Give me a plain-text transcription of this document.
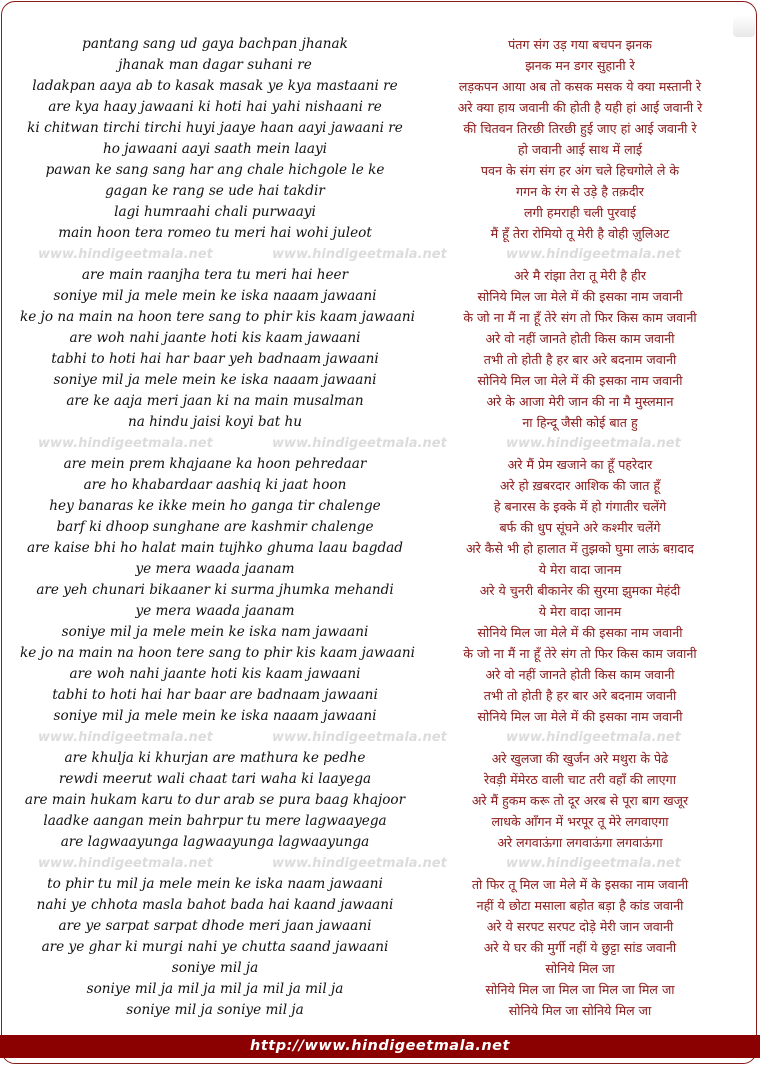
pantang sang ud gaya bachpan jhanak	पंतग संग उड़ गया बचपन झनक
jhanak man dagar suhani re	झनक मन डगर सुहानी रे
ladakpan aaya ab to kasak masak ye kya mastaani re	लड़कपन आया अब तो कसक मसक ये क्या मस्तानी रे
are kya haay jawaani ki hoti hai yahi nishaani re	अरे क्या हाय जवानी की होती है यही हां आई जवानी रे
ki chitwan tirchi tirchi huyi jaaye haan aayi jawaani re	की चितवन तिरछी तिरछी हुई जाए हां आई जवानी रे
ho jawaani aayi saath mein laayi	हो जवानी आई साथ में लाई
pawan ke sang sang har ang chale hichgole le ke	पवन के संग संग हर अंग चले हिचगोले ले के
gagan ke rang se ude hai takdir	गगन के रंग से उड़े है तक़दीर
lagi humraahi chali purwaayi	लगी हमराही चली पुरवाई
main hoon tera romeo tu meri hai wohi juleot	मैं हूँ तेरा रोमियो तू मेरी है वोही ज़ुलिअट
www.hindigeetmala.net	www.hindigeetmala.net	www.hindigeetmala.net
are main raanjha tera tu meri hai heer	अरे मै रांझा तेरा तू मेरी है हीर
soniye mil ja mele mein ke iska naaam jawaani	सोनिये मिल जा मेले में की इसका नाम जवानी
ke jo na main na hoon tere sang to phir kis kaam jawaani	के जो ना मैं ना हूँ तेरे संग तो फिर किस काम जवानी
are woh nahi jaante hoti kis kaam jawaani	अरे वो नहीं जानते होती किस काम जवानी
tabhi to hoti hai har baar yeh badnaam jawaani	तभी तो होती है हर बार अरे बदनाम जवानी
soniye mil ja mele mein ke iska naaam jawaani	सोनिये मिल जा मेले में की इसका नाम जवानी
are ke aaja meri jaan ki na main musalman	अरे के आजा मेरी जान की ना मै मुस्लमान
na hindu jaisi koyi bat hu	ना हिन्दू जैसी कोई बात हु
www.hindigeetmala.net	www.hindigeetmala.net	www.hindigeetmala.net
are mein prem khajaane ka hoon pehredaar	अरे मैं प्रेम खजाने का हूँ पहरेदार
are ho khabardaar aashiq ki jaat hoon	अरे हो ख़बरदार आशिक की जात हूँ
hey banaras ke ikke mein ho ganga tir chalenge	हे बनारस के इक्के में हो गंगातीर चलेंगे
barf ki dhoop sunghane are kashmir chalenge	बर्फ की धुप सूंघने अरे कश्मीर चलेंगे
are kaise bhi ho halat main tujhko ghuma laau bagdad	अरे कैसे भी हो हालात में तुझको घुमा लाऊं बग़दाद
ye mera waada jaanam	ये मेरा वादा जानम
are yeh chunari bikaaner ki surma jhumka mehandi	अरे ये चुनरी बीकानेर की सुरमा झुमका मेहंदी
ye mera waada jaanam	ये मेरा वादा जानम
soniye mil ja mele mein ke iska nam jawaani	सोनिये मिल जा मेले में की इसका नाम जवानी
ke jo na main na hoon tere sang to phir kis kaam jawaani	के जो ना मैं ना हूँ तेरे संग तो फिर किस काम जवानी
are woh nahi jaante hoti kis kaam jawaani	अरे वो नहीं जानते होती किस काम जवानी
tabhi to hoti hai har baar are badnaam jawaani	तभी तो होती है हर बार अरे बदनाम जवानी
soniye mil ja mele mein ke iska naaam jawaani	सोनिये मिल जा मेले में की इसका नाम जवानी
www.hindigeetmala.net	www.hindigeetmala.net	www.hindigeetmala.net
are khulja ki khurjan are mathura ke pedhe	अरे खुलजा की खुर्जन अरे मथुरा के पेढे
rewdi meerut wali chaat tari waha ki laayega	रेवड़ी मेंमेरठ वाली चाट तरी वहाँ की लाएगा
are main hukam karu to dur arab se pura baag khajoor	अरे मैं हुकम करू तो दूर अरब से पूरा बाग खजूर
laadke aangan mein bahrpur tu mere lagwaayega	लाधके आँगन में भरपूर तू मेरे लगवाएगा
are lagwaayunga lagwaayunga lagwaayunga	अरे लगवाऊंगा लगवाऊंगा लगवाऊंगा
www.hindigeetmala.net	www.hindigeetmala.net	www.hindigeetmala.net
to phir tu mil ja mele mein ke iska naam jawaani	तो फिर तू मिल जा मेले में के इसका नाम जवानी
nahi ye chhota masla bahot bada hai kaand jawaani	नहीं ये छोटा मसाला बहोत बड़ा है कांड जवानी
are ye sarpat sarpat dhode meri jaan jawaani	अरे ये सरपट सरपट दोड़े मेरी जान जवानी
are ye ghar ki murgi nahi ye chutta saand jawaani	अरे ये घर की मुर्गी नहीं ये छुट्टा सांड जवानी
soniye mil ja	सोनिये मिल जा
soniye mil ja mil ja mil ja mil ja mil ja	सोनिये मिल जा मिल जा मिल जा मिल जा
soniye mil ja soniye mil ja	सोनिये मिल जा सोनिये मिल जा
http://www.hindigeetmala.net
